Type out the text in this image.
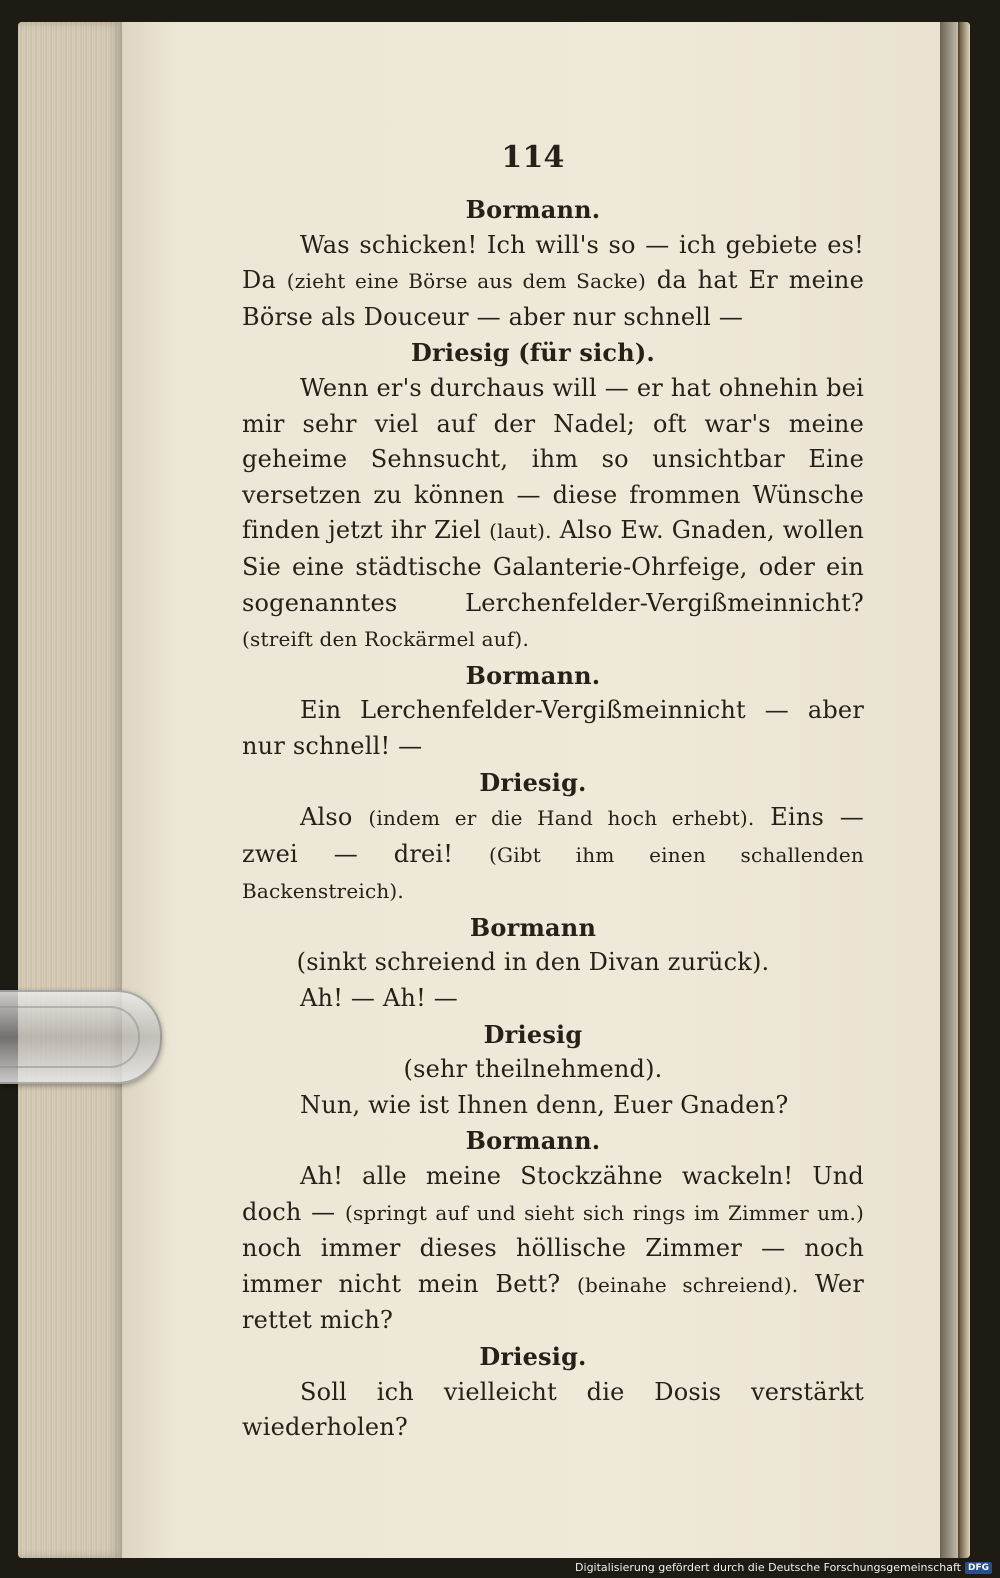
114
Bormann.
Was schicken! Ich will's so — ich gebiete es! Da (zieht eine Börse aus dem Sacke) da hat Er meine Börse als Douceur — aber nur schnell —
Driesig (für sich).
Wenn er's durchaus will — er hat ohnehin bei mir sehr viel auf der Nadel; oft war's meine geheime Sehnsucht, ihm so unsichtbar Eine versetzen zu können — diese frommen Wünsche finden jetzt ihr Ziel (laut). Also Ew. Gnaden, wollen Sie eine städtische Galanterie-Ohrfeige, oder ein sogenanntes Lerchenfelder-Vergißmeinnicht? (streift den Rockärmel auf).
Bormann.
Ein Lerchenfelder-Vergißmeinnicht — aber nur schnell! —
Driesig.
Also (indem er die Hand hoch erhebt). Eins — zwei — drei! (Gibt ihm einen schallenden Backenstreich).
Bormann
(sinkt schreiend in den Divan zurück).
Ah! — Ah! —
Driesig
(sehr theilnehmend).
Nun, wie ist Ihnen denn, Euer Gnaden?
Bormann.
Ah! alle meine Stockzähne wackeln! Und doch — (springt auf und sieht sich rings im Zimmer um.) noch immer dieses höllische Zimmer — noch immer nicht mein Bett? (beinahe schreiend). Wer rettet mich?
Driesig.
Soll ich vielleicht die Dosis verstärkt wiederholen?
Digitalisierung gefördert durch die Deutsche Forschungsgemeinschaft DFG
